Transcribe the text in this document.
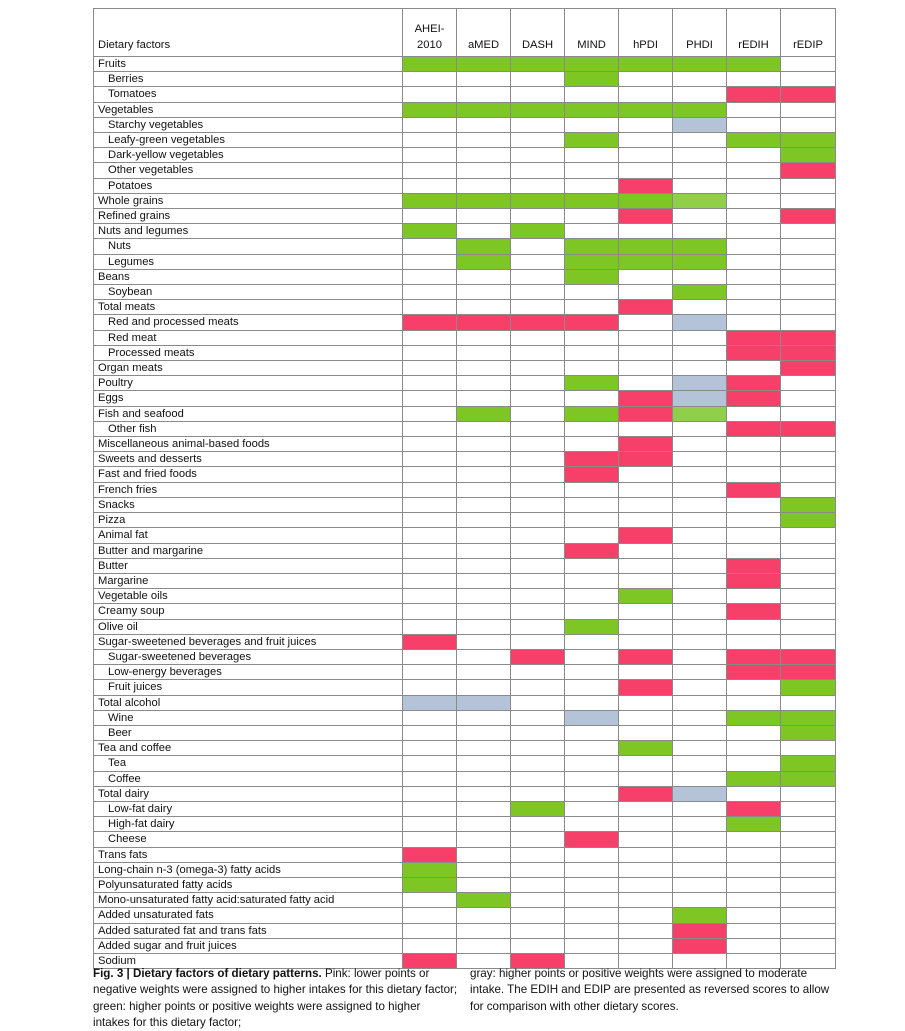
Dietary factors	AHEI-
2010	aMED	DASH	MIND	hPDI	PHDI	rEDIH	rEDIP
Fruits								
Berries								
Tomatoes								
Vegetables								
Starchy vegetables								
Leafy-green vegetables								
Dark-yellow vegetables								
Other vegetables								
Potatoes								
Whole grains								
Refined grains								
Nuts and legumes								
Nuts								
Legumes								
Beans								
Soybean								
Total meats								
Red and processed meats								
Red meat								
Processed meats								
Organ meats								
Poultry								
Eggs								
Fish and seafood								
Other fish								
Miscellaneous animal-based foods								
Sweets and desserts								
Fast and fried foods								
French fries								
Snacks								
Pizza								
Animal fat								
Butter and margarine								
Butter								
Margarine								
Vegetable oils								
Creamy soup								
Olive oil								
Sugar-sweetened beverages and fruit juices								
Sugar-sweetened beverages								
Low-energy beverages								
Fruit juices								
Total alcohol								
Wine								
Beer								
Tea and coffee								
Tea								
Coffee								
Total dairy								
Low-fat dairy								
High-fat dairy								
Cheese								
Trans fats								
Long-chain n-3 (omega-3) fatty acids								
Polyunsaturated fatty acids								
Mono-unsaturated fatty acid:saturated fatty acid								
Added unsaturated fats								
Added saturated fat and trans fats								
Added sugar and fruit juices								
Sodium								
Fig. 3 | Dietary factors of dietary patterns. Pink: lower points or negative weights were assigned to higher intakes for this dietary factor; green: higher points or positive weights were assigned to higher intakes for this dietary factor;
gray: higher points or positive weights were assigned to moderate intake. The EDIH and EDIP are presented as reversed scores to allow for comparison with other dietary scores.
